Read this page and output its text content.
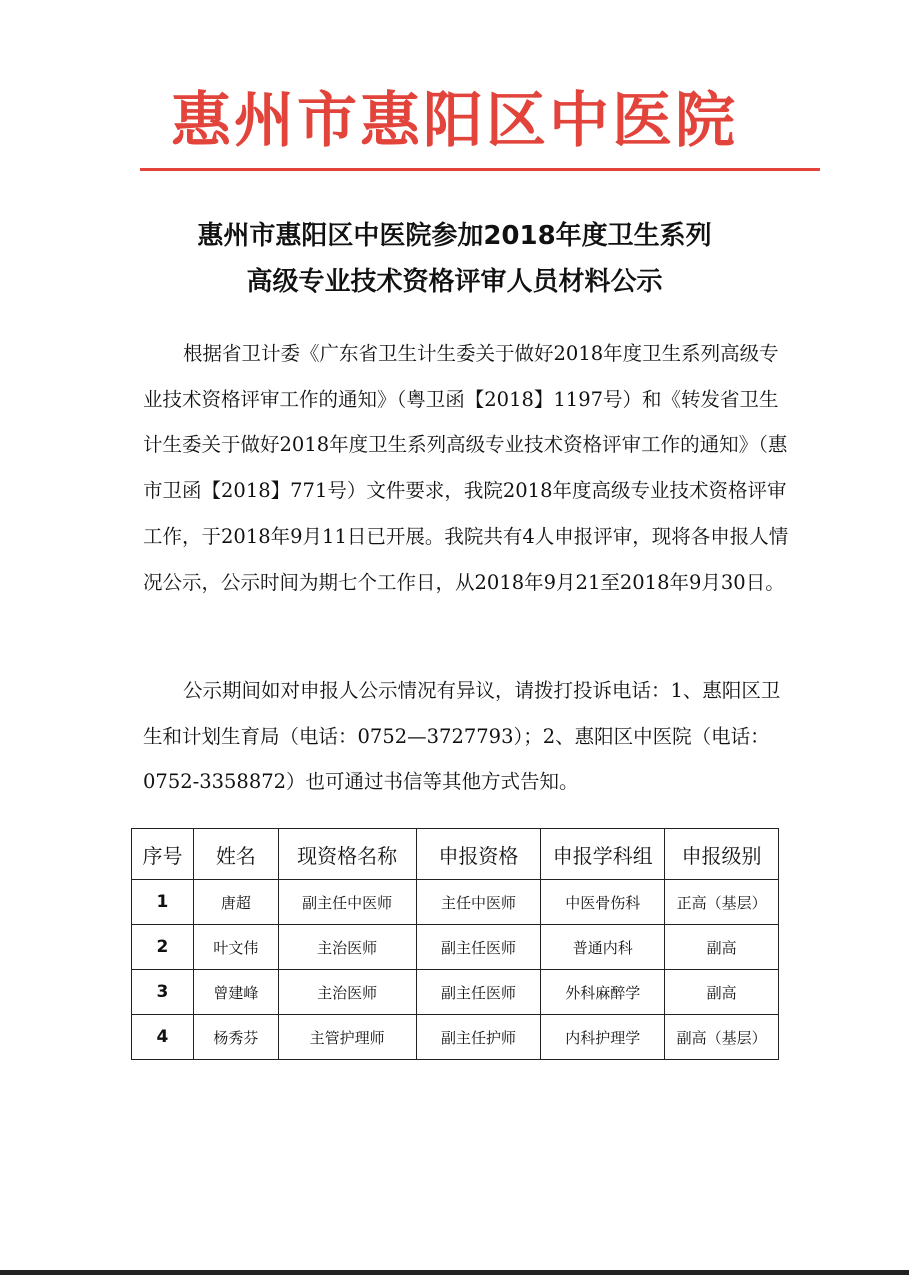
惠州市惠阳区中医院
惠州市惠阳区中医院参加2018年度卫生系列
高级专业技术资格评审人员材料公示

根据省卫计委《广东省卫生计生委关于做好2018年度卫生系列高级专业技术资格评审工作的通知》（粤卫函【2018】1197号）和《转发省卫生计生委关于做好2018年度卫生系列高级专业技术资格评审工作的通知》（惠市卫函【2018】771号）文件要求，我院2018年度高级专业技术资格评审工作，于2018年9月11日已开展。我院共有4人申报评审，现将各申报人情况公示，公示时间为期七个工作日，从2018年9月21至2018年9月30日。

公示期间如对申报人公示情况有异议，请拨打投诉电话：1、惠阳区卫生和计划生育局（电话：0752—3727793）；2、惠阳区中医院（电话：0752-3358872）也可通过书信等其他方式告知。

序号	姓名	现资格名称	申报资格	申报学科组	申报级别
1	唐超	副主任中医师	主任中医师	中医骨伤科	正高（基层）
2	叶文伟	主治医师	副主任医师	普通内科	副高
3	曾建峰	主治医师	副主任医师	外科麻醉学	副高
4	杨秀芬	主管护理师	副主任护师	内科护理学	副高（基层）
